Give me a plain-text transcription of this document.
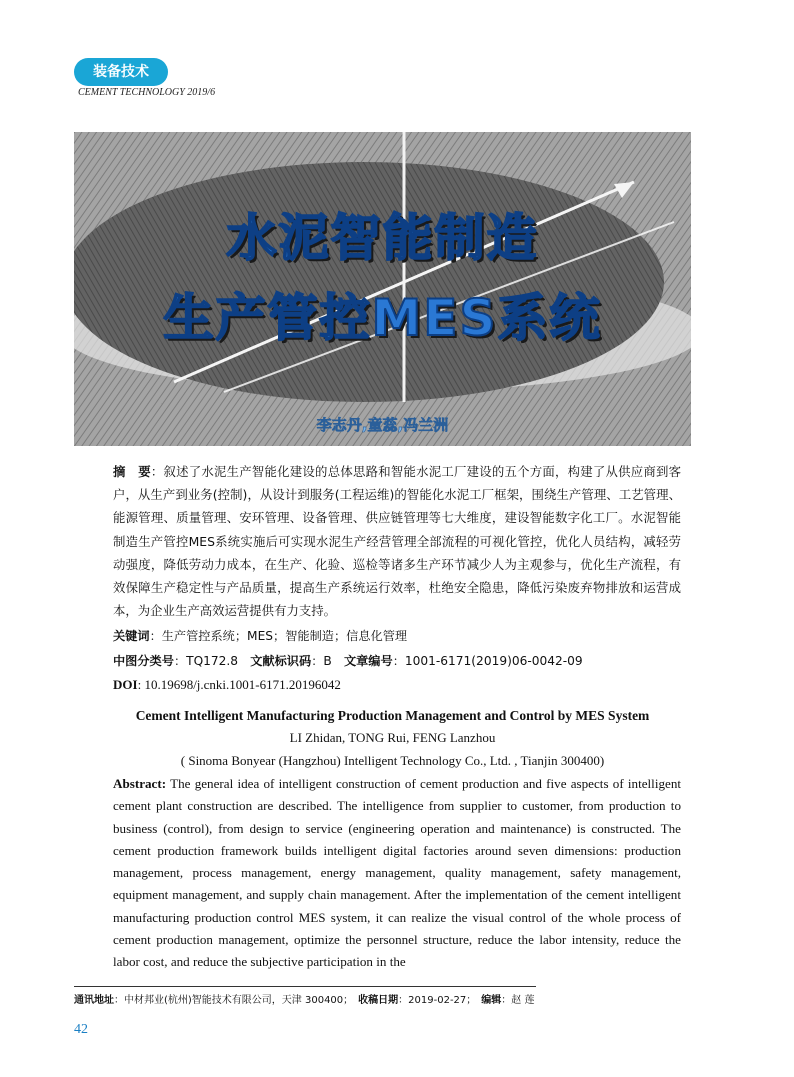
装备技术
CEMENT TECHNOLOGY 2019/6
水泥智能制造
生产管控MES系统
李志丹,童蕊,冯兰洲
摘　要：叙述了水泥生产智能化建设的总体思路和智能水泥工厂建设的五个方面，构建了从供应商到客户，从生产到业务(控制)，从设计到服务(工程运维)的智能化水泥工厂框架，围绕生产管理、工艺管理、能源管理、质量管理、安环管理、设备管理、供应链管理等七大维度，建设智能数字化工厂。水泥智能制造生产管控MES系统实施后可实现水泥生产经营管理全部流程的可视化管控，优化人员结构，减轻劳动强度，降低劳动力成本，在生产、化验、巡检等诸多生产环节减少人为主观参与，优化生产流程，有效保障生产稳定性与产品质量，提高生产系统运行效率，杜绝安全隐患，降低污染废弃物排放和运营成本，为企业生产高效运营提供有力支持。
关键词：生产管控系统；MES；智能制造；信息化管理
中图分类号：TQ172.8　 文献标识码：B　 文章编号：1001-6171(2019)06-0042-09
DOI: 10.19698/j.cnki.1001-6171.20196042
Cement Intelligent Manufacturing Production Management and Control by MES System
LI Zhidan, TONG Rui, FENG Lanzhou
( Sinoma Bonyear (Hangzhou) Intelligent Technology Co., Ltd. , Tianjin 300400)
Abstract: The general idea of intelligent construction of cement production and five aspects of intelligent cement plant construction are described. The intelligence from supplier to customer, from production to business (control), from design to service (engineering operation and maintenance) is constructed. The cement production framework builds intelligent digital factories around seven dimensions: production management, process management, energy management, quality management, safety management, equipment management, and supply chain management. After the implementation of the cement intelligent manufacturing production control MES system, it can realize the visual control of the whole process of cement production management, optimize the personnel structure, reduce the labor intensity, reduce the labor cost, and reduce the subjective participation in the
通讯地址：中材邦业(杭州)智能技术有限公司，天津 300400；　 收稿日期：2019-02-27；　 编辑：赵 莲
42
